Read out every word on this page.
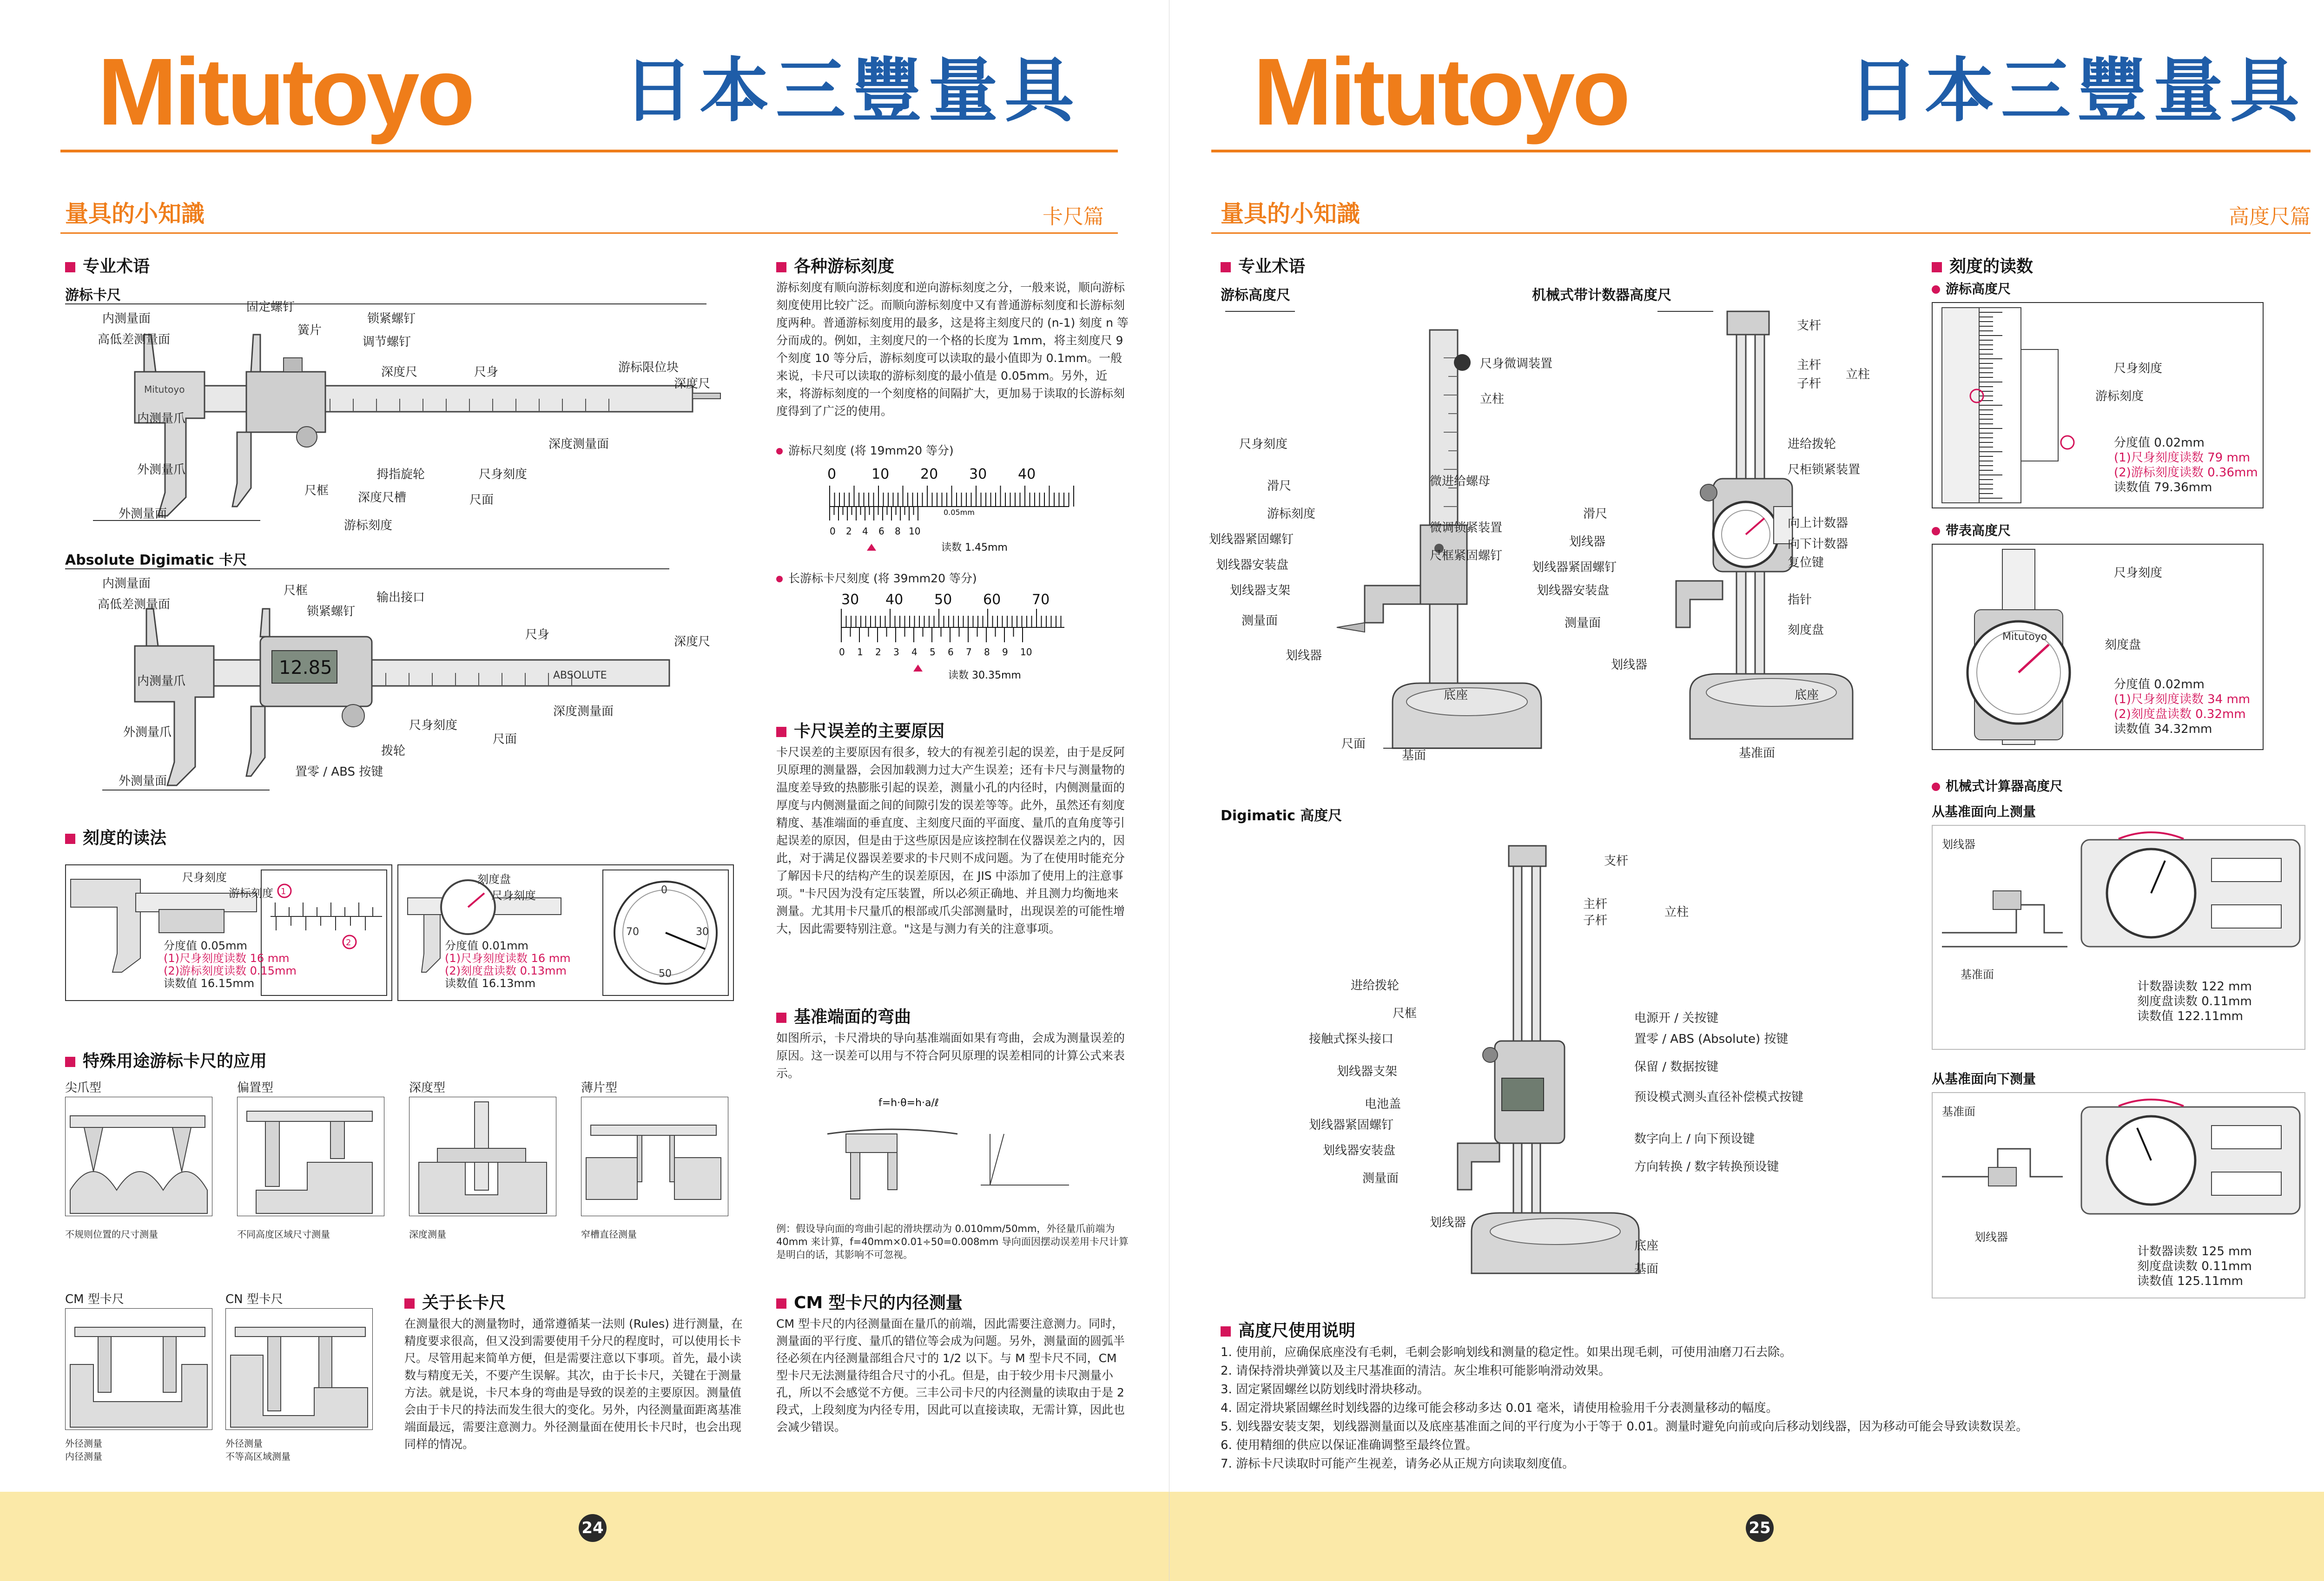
Mitutoyo 日本三豐量具
量具的小知識	卡尺篇
专业术语
游标卡尺
Mitutoyo
内测量面
高低差测量面
固定螺钉
簧片
锁紧螺钉
调节螺钉
深度尺	尺身	游标限位块
深度尺
内测量爪
外测量爪
尺框
拇指旋轮
深度尺槽
尺身刻度
尺面
深度测量面
外测量面
游标刻度
Absolute Digimatic 卡尺
12.85	ABSOLUTE
内测量面
高低差测量面
尺框
锁紧螺钉
输出接口
尺身	深度尺
内测量爪
外测量爪	尺身刻度
深度测量面
拨轮
尺面
置零 / ABS 按键
外测量面
刻度的读法
1
2
尺身刻度
游标刻度
分度值 0.05mm
(1)尺身刻度读数 16 mm
(2)游标刻度读数 0.15mm
读数值 16.15mm
0
70	30
50
刻度盘
尺身刻度
分度值 0.01mm
(1)尺身刻度读数 16 mm
(2)刻度盘读数 0.13mm
读数值 16.13mm
特殊用途游标卡尺的应用
尖爪型	偏置型	深度型	薄片型
不规则位置的尺寸测量	不同高度区域尺寸测量	深度测量	窄槽直径测量
CM 型卡尺	CN 型卡尺
外径测量
内径测量
外径测量
不等高区域测量
关于长卡尺
在测量很大的测量物时，通常遵循某一法则 (Rules) 进行测量，在精度要求很高，但又没到需要使用千分尺的程度时，可以使用长卡尺。尽管用起来简单方便，但是需要注意以下事项。首先，最小读数与精度无关，不要产生误解。其次，由于长卡尺，关键在于测量方法。就是说，卡尺本身的弯曲是导致的误差的主要原因。测量值会由于卡尺的持法而发生很大的变化。另外，内径测量面距离基准端面最远，需要注意测力。外径测量面在使用长卡尺时，也会出现同样的情况。
各种游标刻度
游标刻度有顺向游标刻度和逆向游标刻度之分，一般来说，顺向游标刻度使用比较广泛。而顺向游标刻度中又有普通游标刻度和长游标刻度两种。普通游标刻度用的最多，这是将主刻度尺的 (n-1) 刻度 n 等分而成的。例如，主刻度尺的一个格的长度为 1mm，将主刻度尺 9 个刻度 10 等分后，游标刻度可以读取的最小值即为 0.1mm。一般来说，卡尺可以读取的游标刻度的最小值是 0.05mm。另外，近来，将游标刻度的一个刻度格的间隔扩大，更加易于读取的长游标刻度得到了广泛的使用。
游标尺刻度 (将 19mm20 等分)
0	10 20 30 40
0.05mm
0 2 4 6 8 10
读数 1.45mm
长游标卡尺刻度 (将 39mm20 等分)
30 40 50 60 70
0 1 2 3 4 5 6 7 8 9 10
读数 30.35mm
卡尺误差的主要原因
卡尺误差的主要原因有很多，较大的有视差引起的误差，由于是反阿贝原理的测量器，会因加载测力过大产生误差；还有卡尺与测量物的温度差导致的热膨胀引起的误差，测量小孔的内径时，内侧测量面的厚度与内侧测量面之间的间隙引发的误差等等。此外，虽然还有刻度精度、基准端面的垂直度、主刻度尺面的平面度、量爪的直角度等引起误差的原因，但是由于这些原因是应该控制在仪器误差之内的，因此，对于满足仪器误差要求的卡尺则不成问题。为了在使用时能充分了解因卡尺的结构产生的误差原因，在 JIS 中添加了使用上的注意事项。"卡尺因为没有定压装置，所以必须正确地、并且测力均衡地来测量。尤其用卡尺量爪的根部或爪尖部测量时，出现误差的可能性增大，因此需要特别注意。"这是与测力有关的注意事项。
基准端面的弯曲
如图所示，卡尺滑块的导向基准端面如果有弯曲，会成为测量误差的原因。这一误差可以用与不符合阿贝原理的误差相同的计算公式来表示。
f=h·θ=h·a/ℓ
例：假设导向面的弯曲引起的滑块摆动为 0.010mm/50mm，外径量爪前端为 40mm 来计算，f=40mm×0.01÷50=0.008mm 导向面因摆动误差用卡尺计算是明白的话，其影响不可忽视。
CM 型卡尺的内径测量
CM 型卡尺的内径测量面在量爪的前端，因此需要注意测力。同时，测量面的平行度、量爪的错位等会成为问题。另外，测量面的圆弧半径必须在内径测量部组合尺寸的 1/2 以下。与 M 型卡尺不同，CM 型卡尺无法测量待组合尺寸的小孔。但是，由于较少用卡尺测量小孔，所以不会感觉不方便。三丰公司卡尺的内径测量的读取由于是 2 段式，上段刻度为内径专用，因此可以直接读取，无需计算，因此也会减少错误。
24
Mitutoyo	日本三豐量具
量具的小知識	高度尺篇
专业术语
游标高度尺	机械式带计数器高度尺
尺身微调装置
立柱
尺身刻度
微进给螺母
滑尺
游标刻度
微调锁紧装置
划线器紧固螺钉
尺框紧固螺钉
划线器安装盘
划线器支架
测量面
划线器
底座
尺面
基面
支杆
主杆
子杆
立柱
进给拨轮
尺柜锁紧装置
滑尺
划线器
向上计数器
向下计数器
复位键
划线器紧固螺钉
划线器安装盘
指针
刻度盘
测量面
划线器
底座
基准面
Digimatic 高度尺
支杆
主杆
子杆
立柱
进给拨轮
尺框
接触式探头接口
划线器支架
电池盖
划线器紧固螺钉
划线器安装盘
测量面
划线器
电源开 / 关按键
置零 / ABS (Absolute) 按键
保留 / 数据按键
预设模式测头直径补偿模式按键
数字向上 / 向下预设键
方向转换 / 数字转换预设键
底座
基面
刻度的读数
游标高度尺
尺身刻度
游标刻度
分度值 0.02mm
(1)尺身刻度读数 79 mm
(2)游标刻度读数 0.36mm
读数值 79.36mm
带表高度尺
Mitutoyo
尺身刻度
刻度盘
分度值 0.02mm
(1)尺身刻度读数 34 mm
(2)刻度盘读数 0.32mm
读数值 34.32mm
机械式计算器高度尺
从基准面向上测量
划线器
基准面
计数器读数 122 mm
刻度盘读数 0.11mm
读数值 122.11mm
从基准面向下测量
基准面
划线器
计数器读数 125 mm
刻度盘读数 0.11mm
读数值 125.11mm
高度尺使用说明
1. 使用前，应确保底座没有毛刺，毛刺会影响划线和测量的稳定性。如果出现毛刺，可使用油磨刀石去除。
2. 请保持滑块弹簧以及主尺基准面的清洁。灰尘堆积可能影响滑动效果。
3. 固定紧固螺丝以防划线时滑块移动。
4. 固定滑块紧固螺丝时划线器的边缘可能会移动多达 0.01 毫米，请使用检验用千分表测量移动的幅度。
5. 划线器安装支架，划线器测量面以及底座基准面之间的平行度为小于等于 0.01。测量时避免向前或向后移动划线器，因为移动可能会导致读数误差。
6. 使用精细的供应以保证准确调整至最终位置。
7. 游标卡尺读取时可能产生视差，请务必从正规方向读取刻度值。
25
